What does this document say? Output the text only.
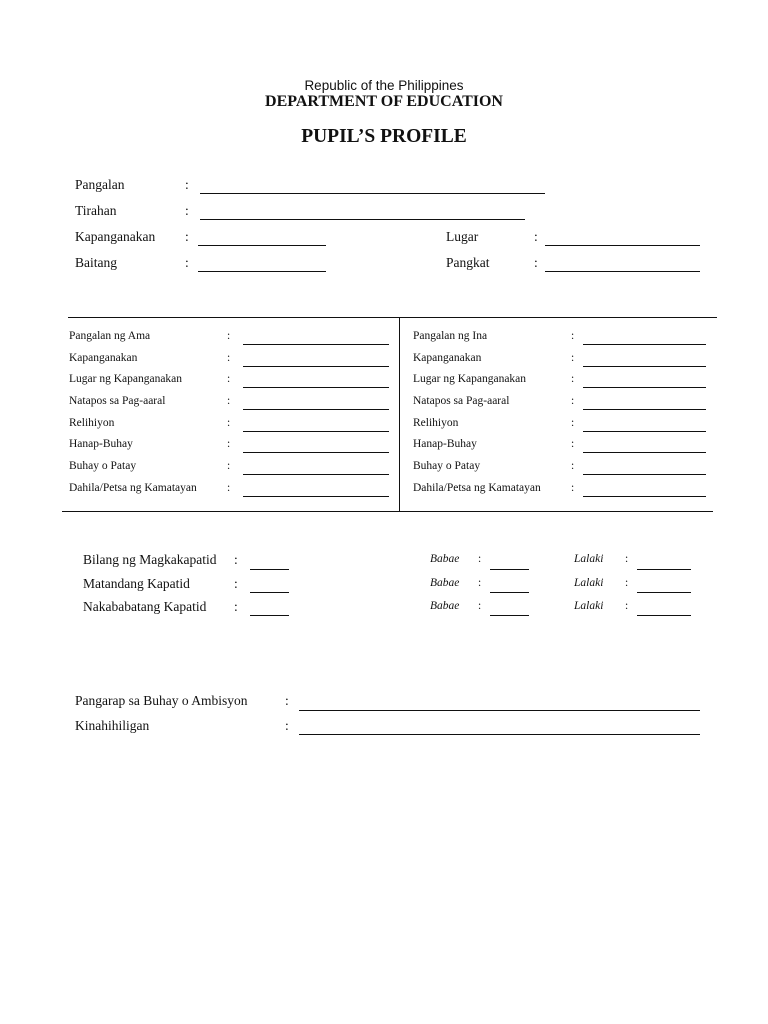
Republic of the Philippines
DEPARTMENT OF EDUCATION
PUPIL’S PROFILE
Pangalan	:
Tirahan	:
Kapanganakan :	Lugar	:
Baitang	:	Pangkat	:
Pangalan ng Ama	:
Kapanganakan	:
Lugar ng Kapanganakan	:
Natapos sa Pag-aaral	:
Relihiyon	:
Hanap-Buhay	:
Buhay o Patay	:
Dahila/Petsa ng Kamatayan	:
Pangalan ng Ina	:
Kapanganakan	:
Lugar ng Kapanganakan	:
Natapos sa Pag-aaral	:
Relihiyon	:
Hanap-Buhay	:
Buhay o Patay	:
Dahila/Petsa ng Kamatayan	:
Bilang ng Magkakapatid :	Babae :	Lalaki :
Matandang Kapatid	:	Babae :	Lalaki :
Nakababatang Kapatid :	Babae :	Lalaki :
Pangarap sa Buhay o Ambisyon	:
Kinahihiligan	:
